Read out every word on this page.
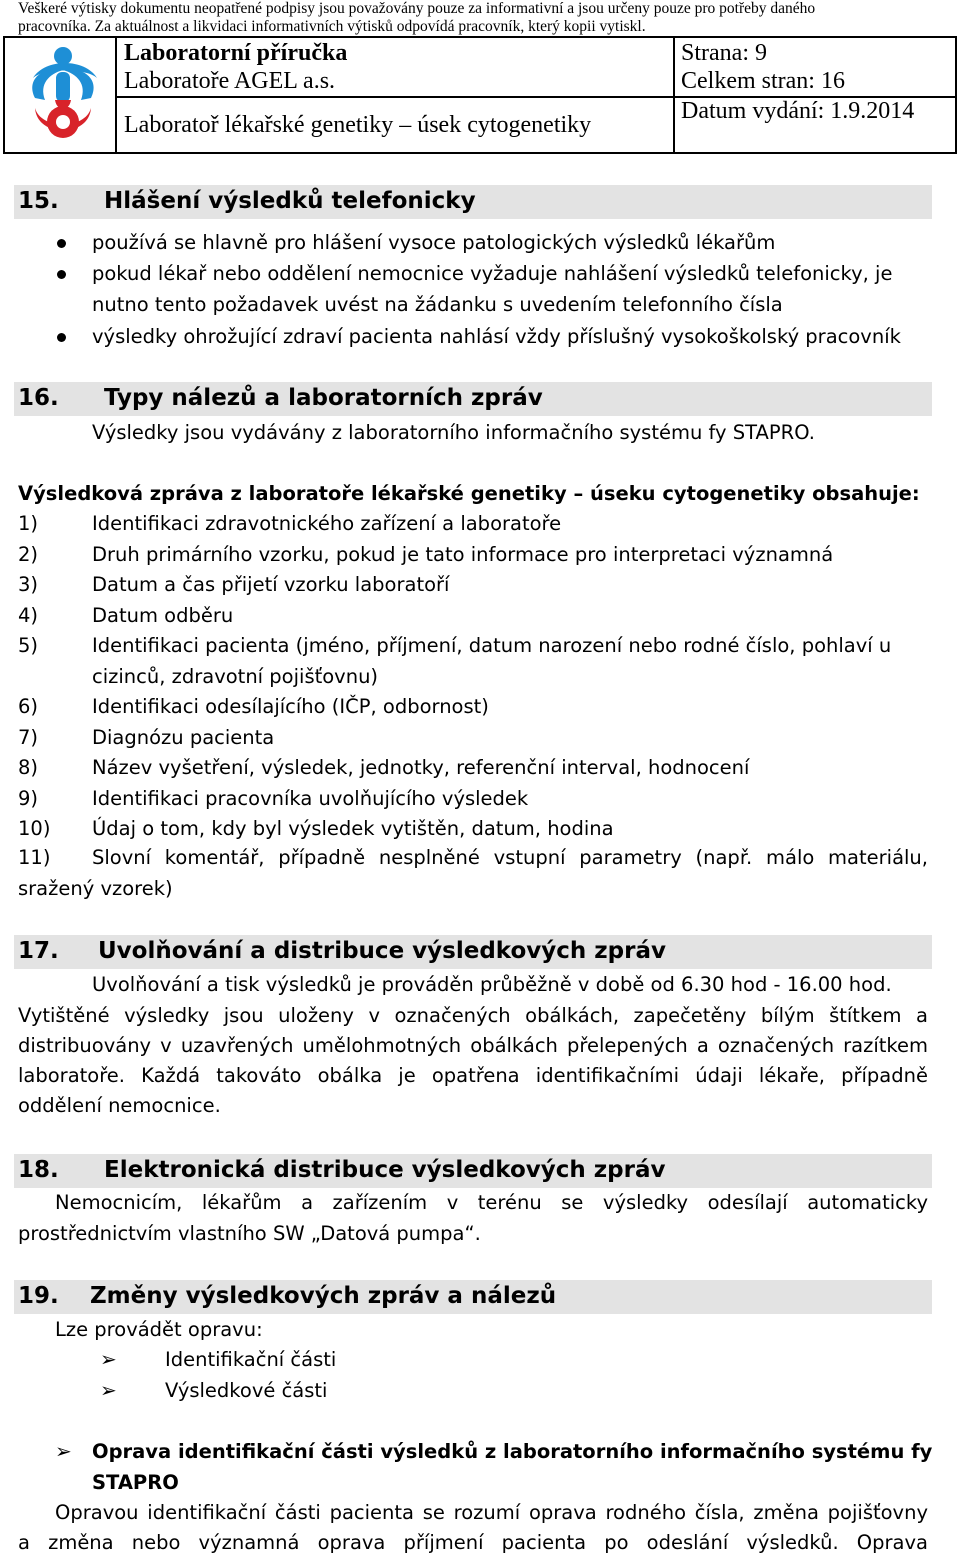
Veškeré výtisky dokumentu neopatřené podpisy jsou považovány pouze za informativní a jsou určeny pouze pro potřeby daného
pracovníka. Za aktuálnost a likvidaci informativních výtisků odpovídá pracovník, který kopii vytiskl.
Laboratorní příručka
Laboratoře AGEL a.s.
Laboratoř lékařské genetiky – úsek cytogenetiky
Strana: 9
Celkem stran: 16
Datum vydání: 1.9.2014
15. Hlášení výsledků telefonicky
používá se hlavně pro hlášení vysoce patologických výsledků lékařům
pokud lékař nebo oddělení nemocnice vyžaduje nahlášení výsledků telefonicky, je
nutno tento požadavek uvést na žádanku s uvedením telefonního čísla
výsledky ohrožující zdraví pacienta nahlásí vždy příslušný vysokoškolský pracovník
16. Typy nálezů a laboratorních zpráv
Výsledky jsou vydávány z laboratorního informačního systému fy STAPRO.
Výsledková zpráva z laboratoře lékařské genetiky – úseku cytogenetiky obsahuje:
1)	Identifikaci zdravotnického zařízení a laboratoře
2)	Druh primárního vzorku, pokud je tato informace pro interpretaci významná
3)	Datum a čas přijetí vzorku laboratoří
4)	Datum odběru
5)	Identifikaci pacienta (jméno, příjmení, datum narození nebo rodné číslo, pohlaví u
cizinců, zdravotní pojišťovnu)
6)	Identifikaci odesílajícího (IČP, odbornost)
7)	Diagnózu pacienta
8)	Název vyšetření, výsledek, jednotky, referenční interval, hodnocení
9)	Identifikaci pracovníka uvolňujícího výsledek
10) Údaj o tom, kdy byl výsledek vytištěn, datum, hodina
11) Slovní komentář, případně nesplněné vstupní parametry (např. málo materiálu,
sražený vzorek)
17. Uvolňování a distribuce výsledkových zpráv
Uvolňování a tisk výsledků je prováděn průběžně v době od 6.30 hod - 16.00 hod.
Vytištěné výsledky jsou uloženy v označených obálkách, zapečetěny bílým štítkem a distribuovány v uzavřených umělohmotných obálkách přelepených a označených razítkem laboratoře. Každá takováto obálka je opatřena identifikačními údaji lékaře, případně oddělení nemocnice.
18. Elektronická distribuce výsledkových zpráv
Nemocnicím, lékařům a zařízením v terénu se výsledky odesílají automaticky
prostřednictvím vlastního SW „Datová pumpa“.
19. Změny výsledkových zpráv a nálezů
Lze provádět opravu:
➢ Identifikační části
➢ Výsledkové části
➢ Oprava identifikační části výsledků z laboratorního informačního systému fy
STAPRO
Opravou identifikační části pacienta se rozumí oprava rodného čísla, změna pojišťovny
a změna nebo významná oprava příjmení pacienta po odeslání výsledků. Oprava
